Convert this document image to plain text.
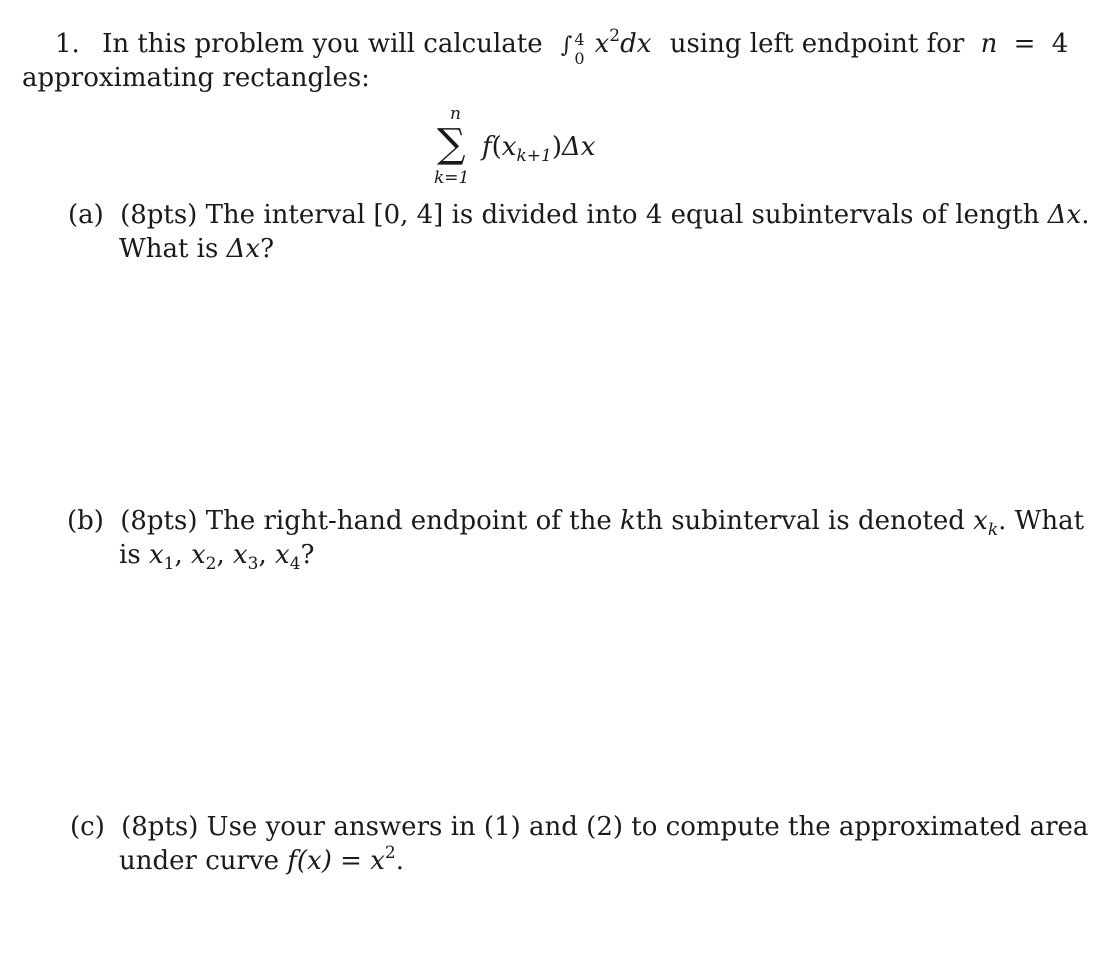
1. In this problem you will calculate ∫ 4
0 $x^2dx$ using left endpoint for n = 4
approximating rectangles:
n
∑
k=1
$f(x_{k+1})\Delta x$
(a) (8pts) The interval [0, 4] is divided into 4 equal subintervals of length Δx.
What is Δx?
(b) (8pts) The right-hand endpoint of the kth subinterval is denoted $x_k$. What
is $x_1$, $x_2$, $x_3$, $x_4$?
(c) (8pts) Use your answers in (1) and (2) to compute the approximated area
under curve $f(x) = x^2$.
